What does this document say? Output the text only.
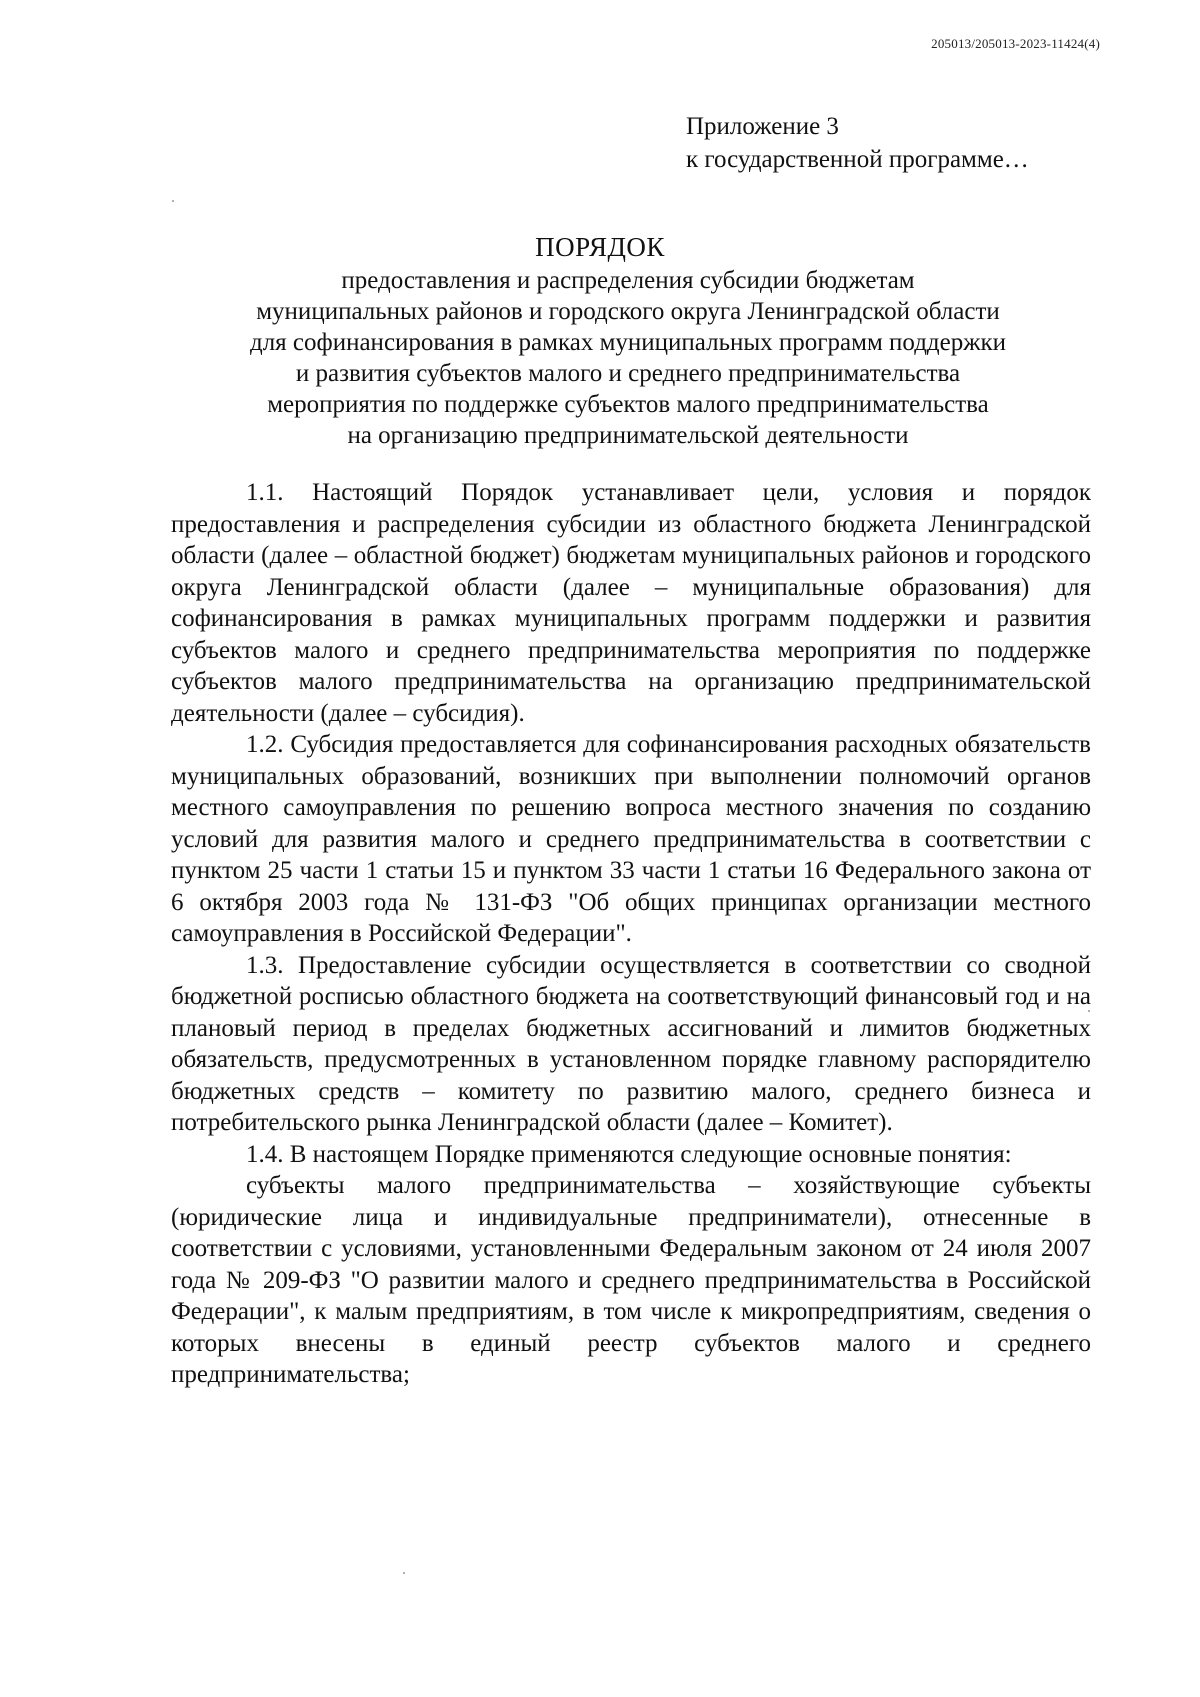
205013/205013-2023-11424(4)
Приложение 3
к государственной программе…
ПОРЯДОК
предоставления и распределения субсидии бюджетам
муниципальных районов и городского округа Ленинградской области
для софинансирования в рамках муниципальных программ поддержки
и развития субъектов малого и среднего предпринимательства
мероприятия по поддержке субъектов малого предпринимательства
на организацию предпринимательской деятельности

1.1. Настоящий Порядок устанавливает цели, условия и порядок предоставления и распределения субсидии из областного бюджета Ленинградской области (далее – областной бюджет) бюджетам муниципальных районов и городского округа Ленинградской области (далее – муниципальные образования) для софинансирования в рамках муниципальных программ поддержки и развития субъектов малого и среднего предпринимательства мероприятия по поддержке субъектов малого предпринимательства на организацию предпринимательской деятельности (далее – субсидия).

1.2. Субсидия предоставляется для софинансирования расходных обязательств муниципальных образований, возникших при выполнении полномочий органов местного самоуправления по решению вопроса местного значения по созданию условий для развития малого и среднего предпринимательства в соответствии с пунктом 25 части 1 статьи 15 и пунктом 33 части 1 статьи 16 Федерального закона от 6 октября 2003 года № 131-ФЗ "Об общих принципах организации местного самоуправления в Российской Федерации".

1.3. Предоставление субсидии осуществляется в соответствии со сводной бюджетной росписью областного бюджета на соответствующий финансовый год и на плановый период в пределах бюджетных ассигнований и лимитов бюджетных обязательств, предусмотренных в установленном порядке главному распорядителю бюджетных средств – комитету по развитию малого, среднего бизнеса и потребительского рынка Ленинградской области (далее – Комитет).

1.4. В настоящем Порядке применяются следующие основные понятия:

субъекты малого предпринимательства – хозяйствующие субъекты (юридические лица и индивидуальные предприниматели), отнесенные в соответствии с условиями, установленными Федеральным законом от 24 июля 2007 года № 209-ФЗ "О развитии малого и среднего предпринимательства в Российской Федерации", к малым предприятиям, в том числе к микропредприятиям, сведения о которых внесены в единый реестр субъектов малого и среднего предпринимательства;
